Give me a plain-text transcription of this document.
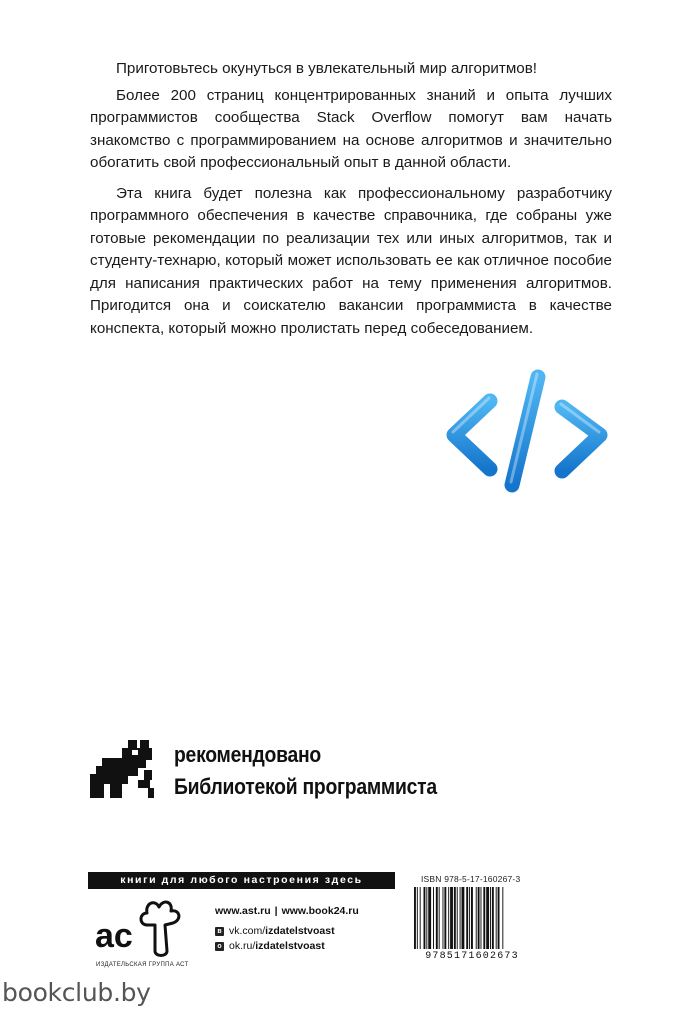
Приготовьтесь окунуться в увлекательный мир алгоритмов!

Более 200 страниц концентрированных знаний и опыта лучших программистов сообщества Stack Overflow помогут вам начать знакомство с программированием на основе алгоритмов и значительно обогатить свой профессиональный опыт в данной области.

Эта книга будет полезна как профессиональному разработчику программного обеспечения в качестве справочника, где собраны уже готовые рекомендации по реализации тех или иных алгоритмов, так и студенту-технарю, который может использовать ее как отличное пособие для написания практических работ на тему применения алгоритмов. Пригодится она и соискателю вакансии программиста в качестве конспекта, который можно пролистать перед собеседованием.

рекомендовано
Библиотекой программиста
книги для любого настроения здесь
ac
ИЗДАТЕЛЬСКАЯ ГРУППА АСТ
www.ast.ru | www.book24.ru
в vk.com/izdatelstvoast
о ok.ru/izdatelstvoast
ISBN 978-5-17-160267-3
9785171602673
bookclub.by
